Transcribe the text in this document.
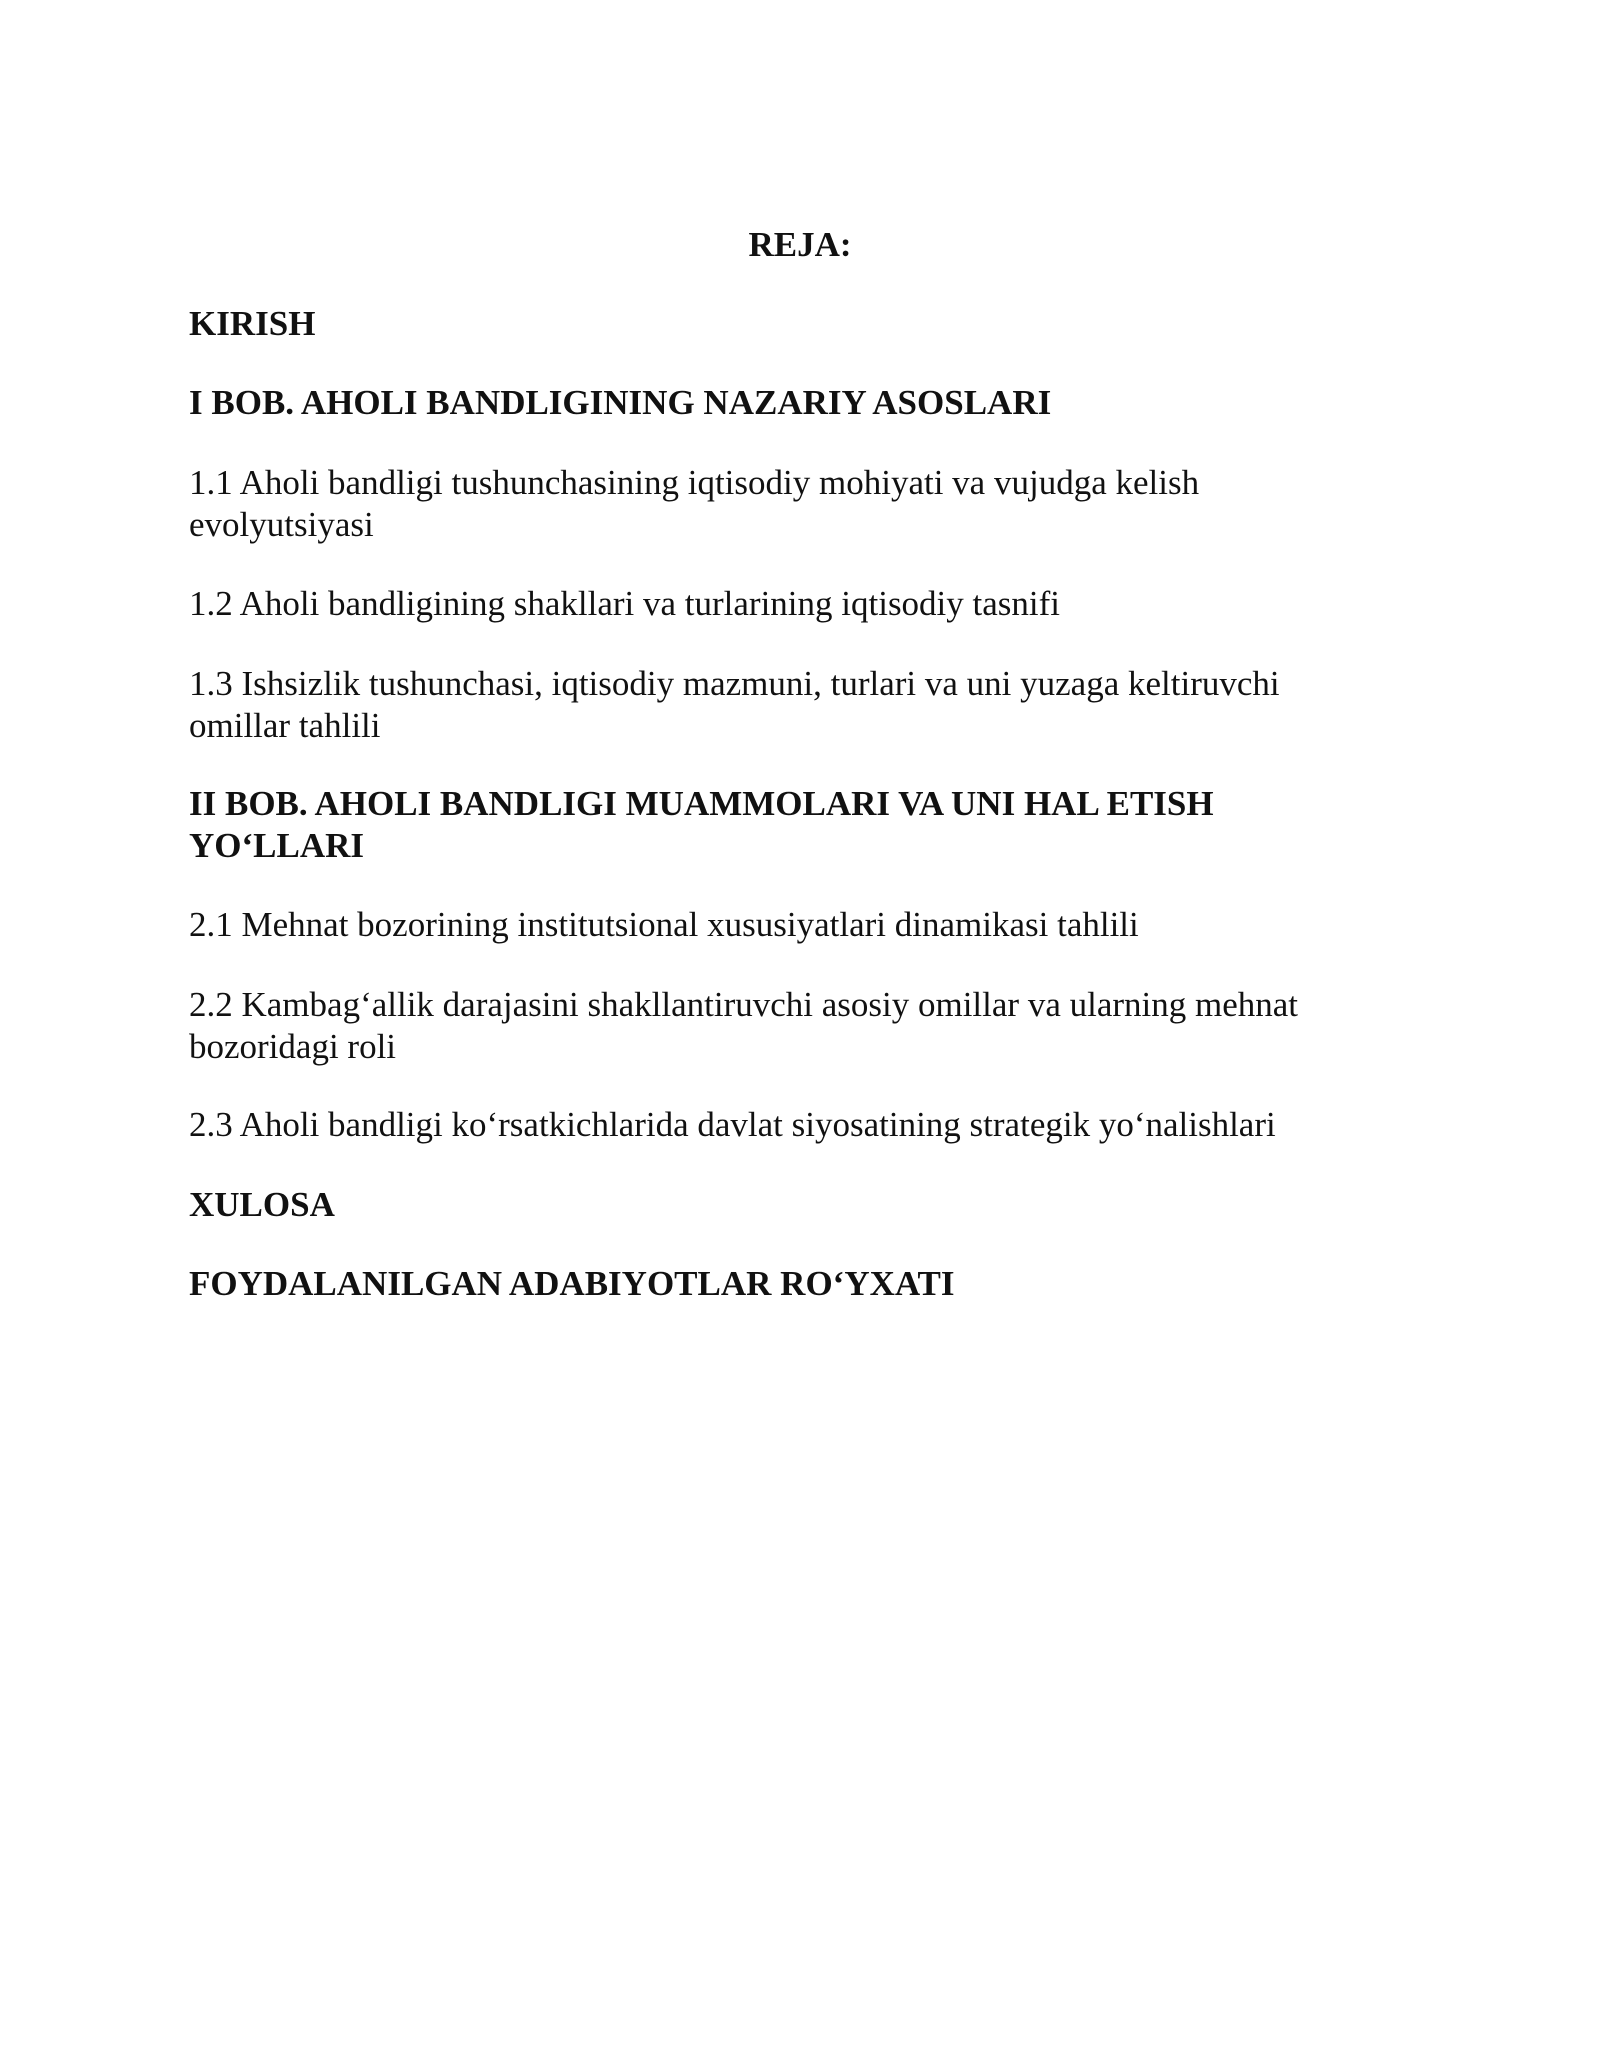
REJA:

KIRISH

I BOB. AHOLI BANDLIGINING NAZARIY ASOSLARI

1.1 Aholi bandligi tushunchasining iqtisodiy mohiyati va vujudga kelish

evolyutsiyasi

1.2 Aholi bandligining shakllari va turlarining iqtisodiy tasnifi

1.3 Ishsizlik tushunchasi, iqtisodiy mazmuni, turlari va uni yuzaga keltiruvchi

omillar tahlili

II BOB. AHOLI BANDLIGI MUAMMOLARI VA UNI HAL ETISH

YO‘LLARI

2.1 Mehnat bozorining institutsional xususiyatlari dinamikasi tahlili

2.2 Kambag‘allik darajasini shakllantiruvchi asosiy omillar va ularning mehnat

bozoridagi roli

2.3 Aholi bandligi ko‘rsatkichlarida davlat siyosatining strategik yo‘nalishlari

XULOSA

FOYDALANILGAN ADABIYOTLAR RO‘YXATI
